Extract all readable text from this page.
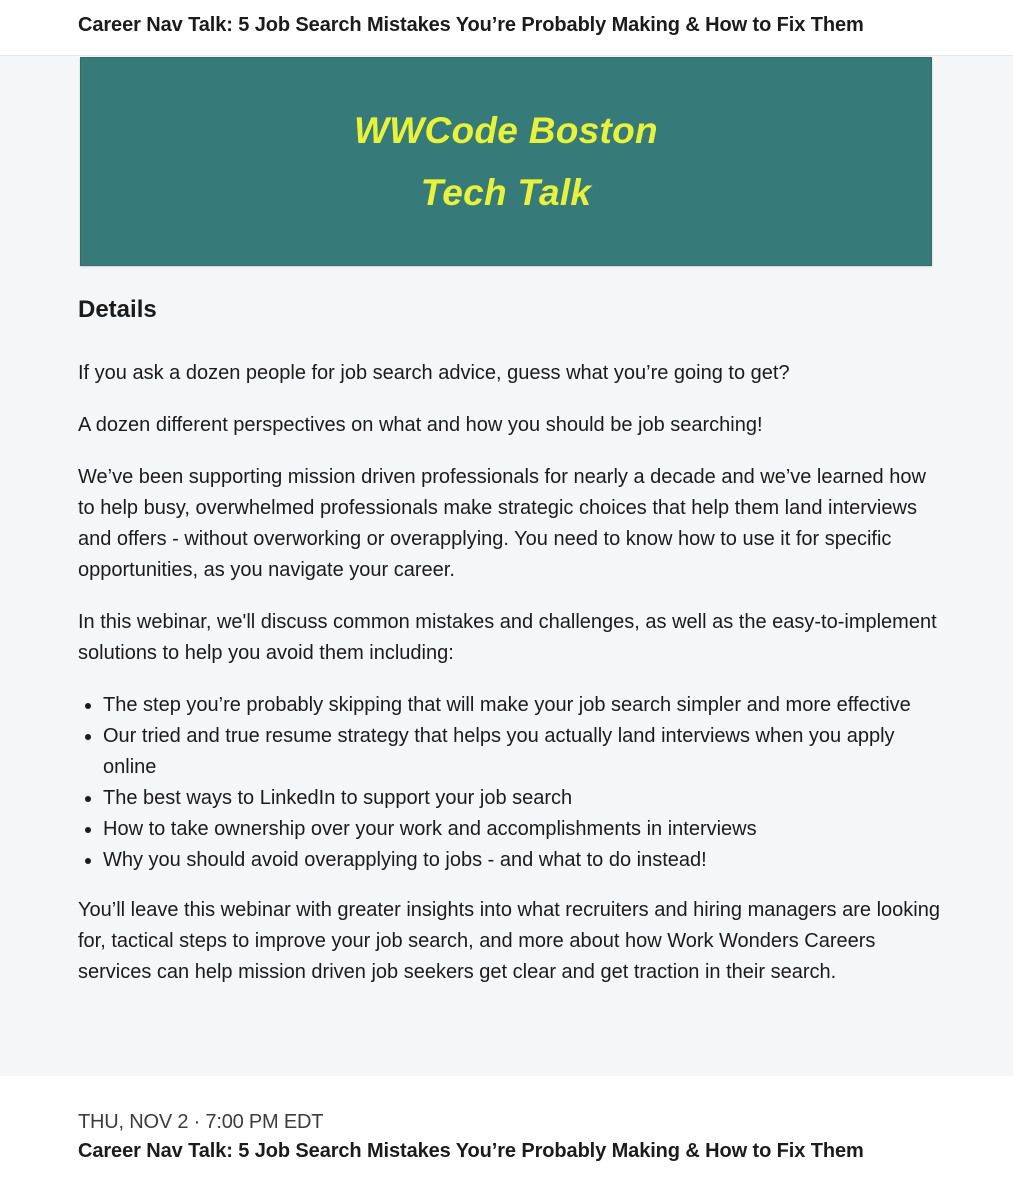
Career Nav Talk: 5 Job Search Mistakes You’re Probably Making & How to Fix Them
WWCode Boston
Tech Talk
Details

If you ask a dozen people for job search advice, guess what you’re going to get?

A dozen different perspectives on what and how you should be job searching!

We’ve been supporting mission driven professionals for nearly a decade and we’ve learned how to help busy, overwhelmed professionals make strategic choices that help them land interviews and offers - without overworking or overapplying. You need to know how to use it for specific opportunities, as you navigate your career.

In this webinar, we'll discuss common mistakes and challenges, as well as the easy-to-implement solutions to help you avoid them including:

The step you’re probably skipping that will make your job search simpler and more effective
Our tried and true resume strategy that helps you actually land interviews when you apply online
The best ways to LinkedIn to support your job search
How to take ownership over your work and accomplishments in interviews
Why you should avoid overapplying to jobs - and what to do instead!

You’ll leave this webinar with greater insights into what recruiters and hiring managers are looking for, tactical steps to improve your job search, and more about how Work Wonders Careers services can help mission driven job seekers get clear and get traction in their search.

THU, NOV 2 · 7:00 PM EDT
Career Nav Talk: 5 Job Search Mistakes You’re Probably Making & How to Fix Them
